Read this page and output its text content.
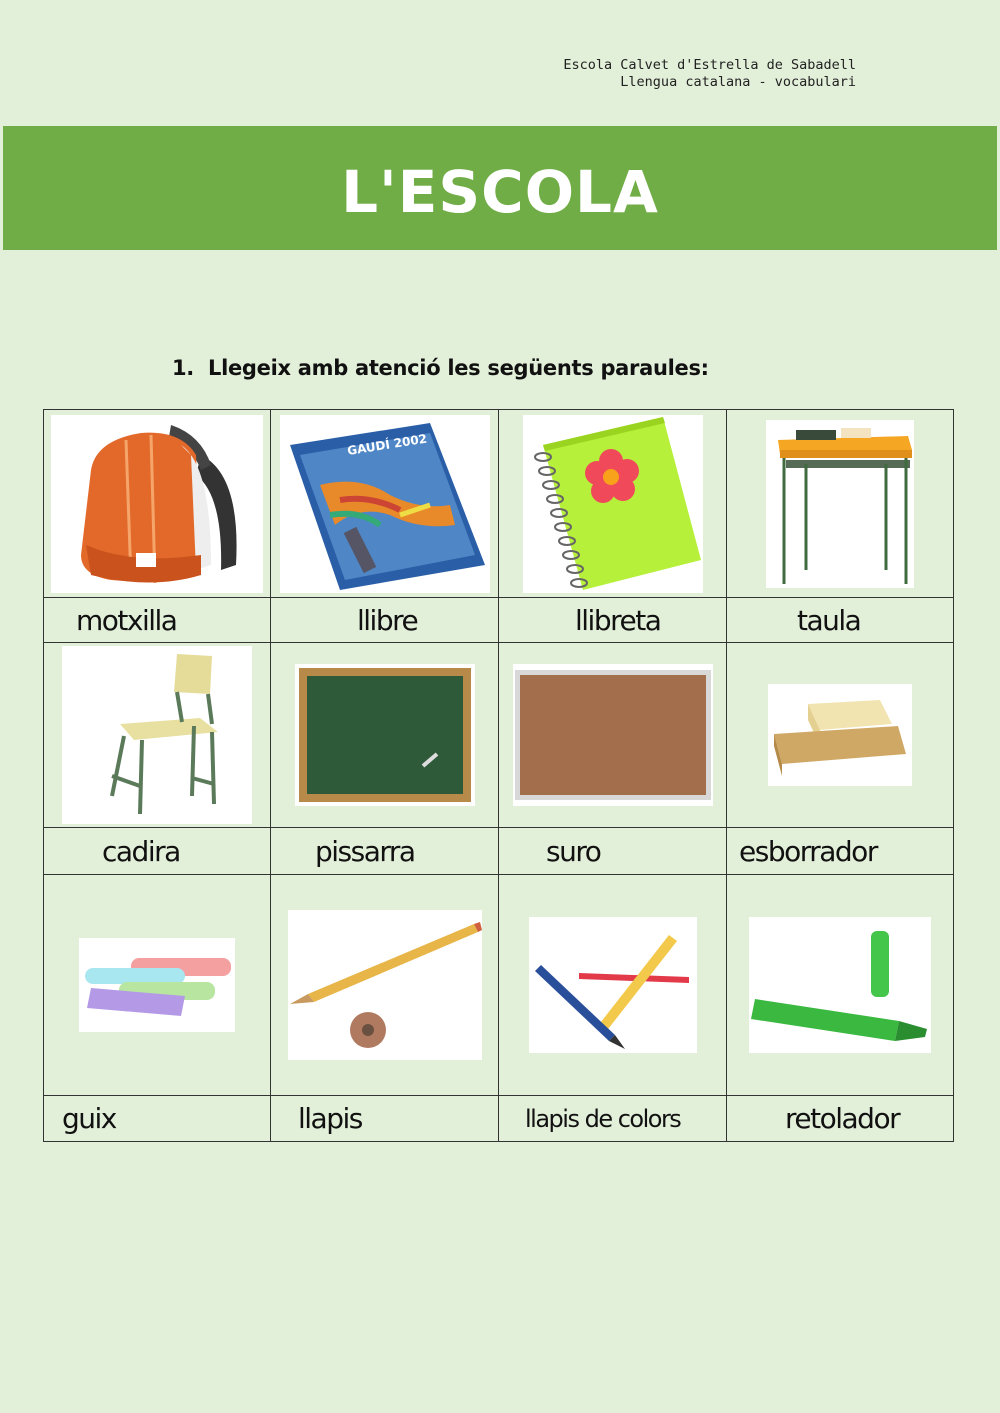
Escola Calvet d'Estrella de Sabadell
Llengua catalana - vocabulari
L'ESCOLA
1. Llegeix amb atenció les següents paraules:

GAUDÍ 2002

motxilla	llibre	llibreta	taula

cadira	pissarra	suro	esborrador

guix	llapis	llapis de colors	retolador
